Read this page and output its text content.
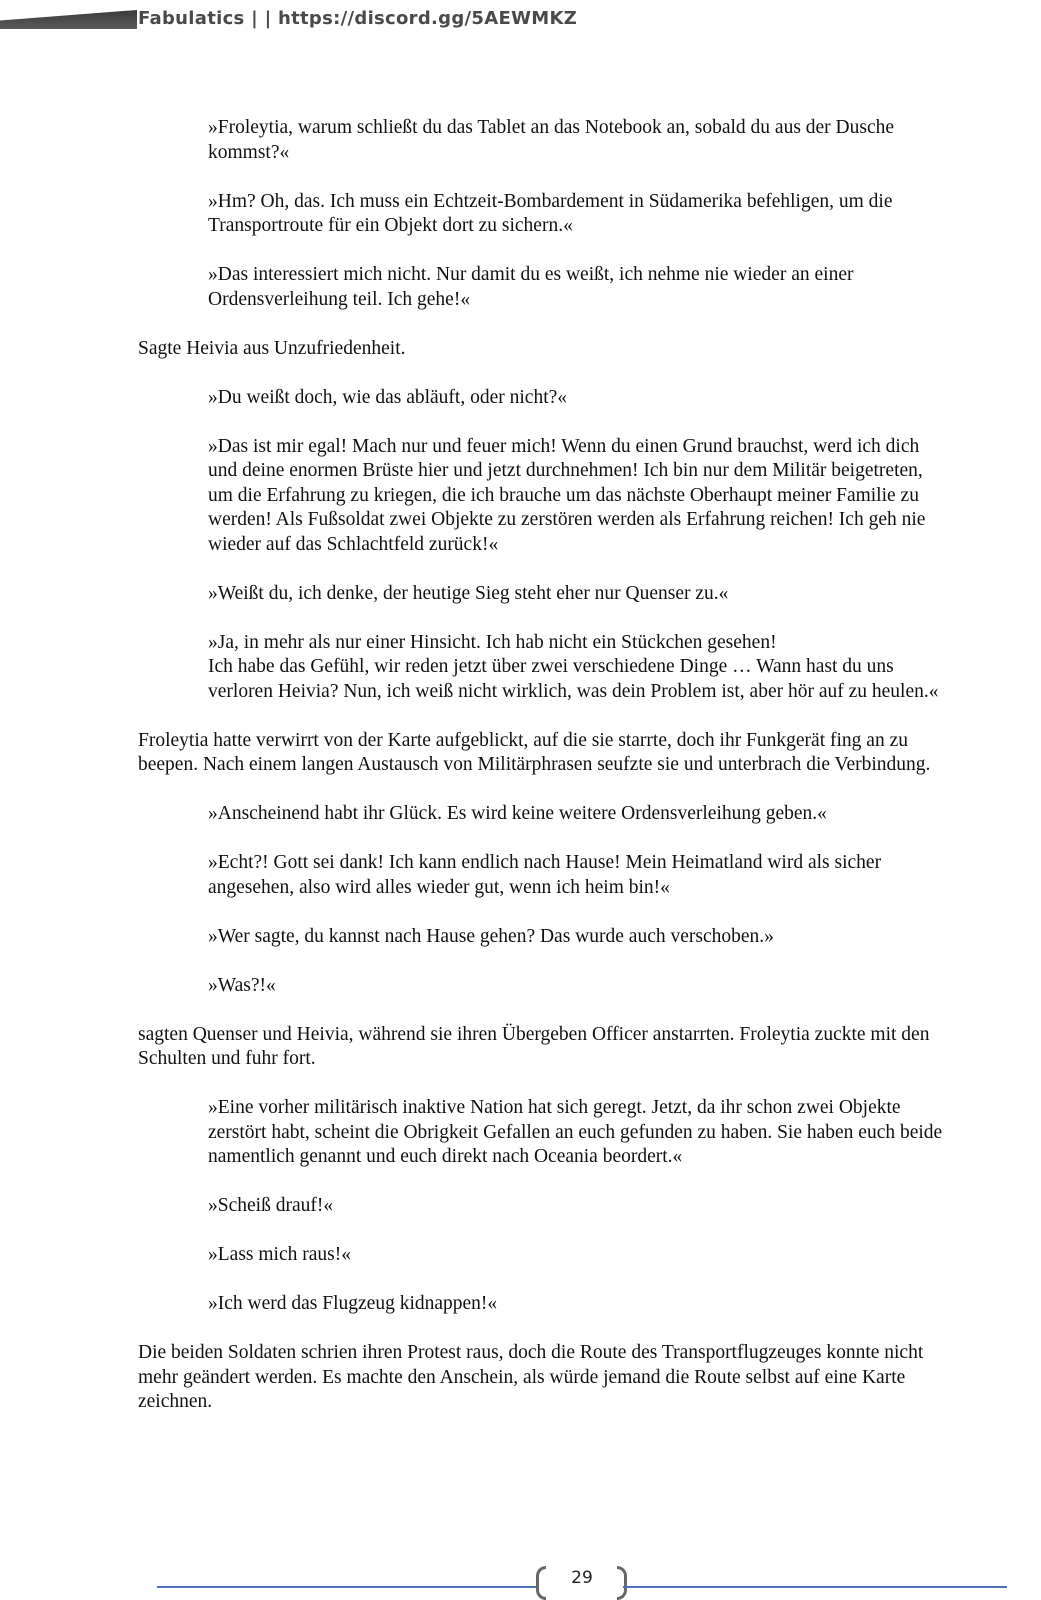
Fabulatics | | https://discord.gg/5AEWMKZ

»Froleytia, warum schließt du das Tablet an das Notebook an, sobald du aus der Dusche
kommst?«

»Hm? Oh, das. Ich muss ein Echtzeit-Bombardement in Südamerika befehligen, um die
Transportroute für ein Objekt dort zu sichern.«

»Das interessiert mich nicht. Nur damit du es weißt, ich nehme nie wieder an einer
Ordensverleihung teil. Ich gehe!«

Sagte Heivia aus Unzufriedenheit.

»Du weißt doch, wie das abläuft, oder nicht?«

»Das ist mir egal! Mach nur und feuer mich! Wenn du einen Grund brauchst, werd ich dich
und deine enormen Brüste hier und jetzt durchnehmen! Ich bin nur dem Militär beigetreten,
um die Erfahrung zu kriegen, die ich brauche um das nächste Oberhaupt meiner Familie zu
werden! Als Fußsoldat zwei Objekte zu zerstören werden als Erfahrung reichen! Ich geh nie
wieder auf das Schlachtfeld zurück!«

»Weißt du, ich denke, der heutige Sieg steht eher nur Quenser zu.«

»Ja, in mehr als nur einer Hinsicht. Ich hab nicht ein Stückchen gesehen!
Ich habe das Gefühl, wir reden jetzt über zwei verschiedene Dinge … Wann hast du uns
verloren Heivia? Nun, ich weiß nicht wirklich, was dein Problem ist, aber hör auf zu heulen.«

Froleytia hatte verwirrt von der Karte aufgeblickt, auf die sie starrte, doch ihr Funkgerät fing an zu
beepen. Nach einem langen Austausch von Militärphrasen seufzte sie und unterbrach die Verbindung.

»Anscheinend habt ihr Glück. Es wird keine weitere Ordensverleihung geben.«

»Echt?! Gott sei dank! Ich kann endlich nach Hause! Mein Heimatland wird als sicher
angesehen, also wird alles wieder gut, wenn ich heim bin!«

»Wer sagte, du kannst nach Hause gehen? Das wurde auch verschoben.»

»Was?!«

sagten Quenser und Heivia, während sie ihren Übergeben Officer anstarrten. Froleytia zuckte mit den
Schulten und fuhr fort.

»Eine vorher militärisch inaktive Nation hat sich geregt. Jetzt, da ihr schon zwei Objekte
zerstört habt, scheint die Obrigkeit Gefallen an euch gefunden zu haben. Sie haben euch beide
namentlich genannt und euch direkt nach Oceania beordert.«

»Scheiß drauf!«

»Lass mich raus!«

»Ich werd das Flugzeug kidnappen!«

Die beiden Soldaten schrien ihren Protest raus, doch die Route des Transportflugzeuges konnte nicht
mehr geändert werden. Es machte den Anschein, als würde jemand die Route selbst auf eine Karte
zeichnen.

29
